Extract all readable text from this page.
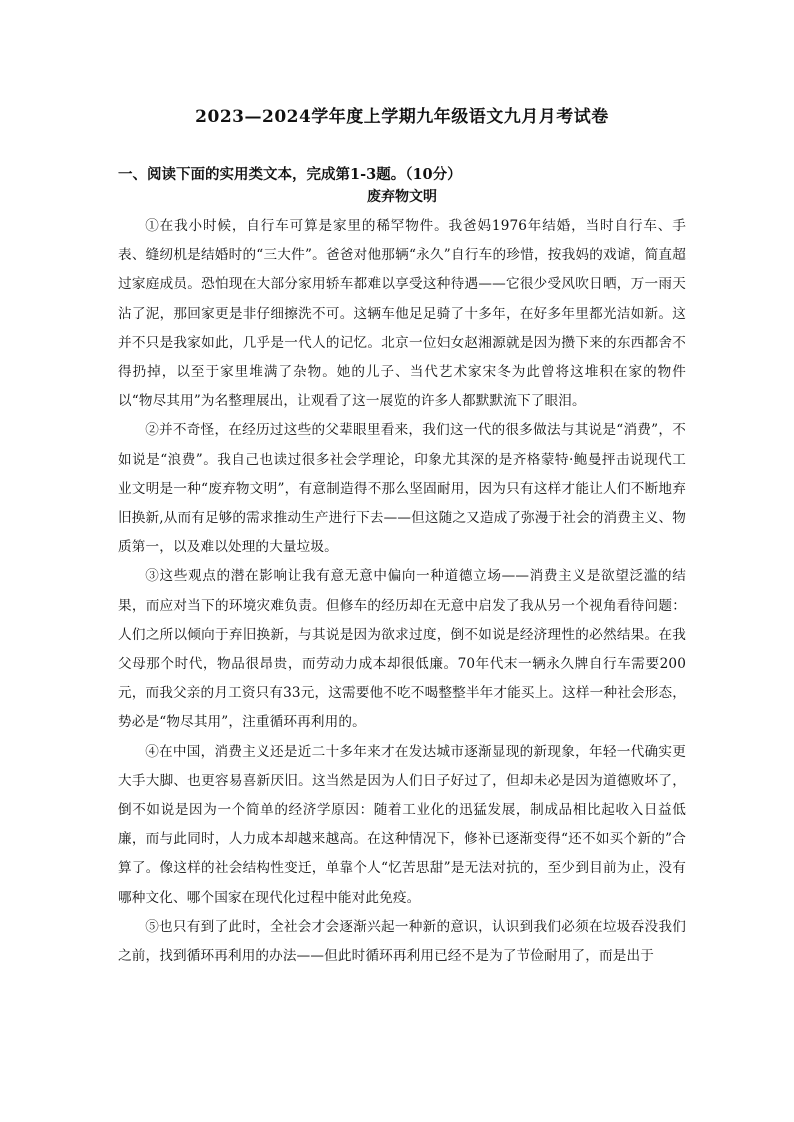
2023—2024学年度上学期九年级语文九月月考试卷

一、阅读下面的实用类文本，完成第1-3题。（10分）

废弃物文明

①在我小时候，自行车可算是家里的稀罕物件。我爸妈1976年结婚，当时自行车、手表、缝纫机是结婚时的“三大件”。爸爸对他那辆“永久”自行车的珍惜，按我妈的戏谑，简直超过家庭成员。恐怕现在大部分家用轿车都难以享受这种待遇——它很少受风吹日晒，万一雨天沾了泥，那回家更是非仔细擦洗不可。这辆车他足足骑了十多年，在好多年里都光洁如新。这并不只是我家如此，几乎是一代人的记忆。北京一位妇女赵湘源就是因为攒下来的东西都舍不得扔掉，以至于家里堆满了杂物。她的儿子、当代艺术家宋冬为此曾将这堆积在家的物件以“物尽其用”为名整理展出，让观看了这一展览的许多人都默默流下了眼泪。

②并不奇怪，在经历过这些的父辈眼里看来，我们这一代的很多做法与其说是“消费”，不如说是“浪费”。我自己也读过很多社会学理论，印象尤其深的是齐格蒙特·鲍曼抨击说现代工业文明是一种“废弃物文明”，有意制造得不那么坚固耐用，因为只有这样才能让人们不断地弃旧换新,从而有足够的需求推动生产进行下去——但这随之又造成了弥漫于社会的消费主义、物质第一，以及难以处理的大量垃圾。

③这些观点的潜在影响让我有意无意中偏向一种道德立场——消费主义是欲望泛滥的结果，而应对当下的环境灾难负责。但修车的经历却在无意中启发了我从另一个视角看待问题：人们之所以倾向于弃旧换新，与其说是因为欲求过度，倒不如说是经济理性的必然结果。在我父母那个时代，物品很昂贵，而劳动力成本却很低廉。70年代末一辆永久牌自行车需要200元，而我父亲的月工资只有33元，这需要他不吃不喝整整半年才能买上。这样一种社会形态，势必是“物尽其用”，注重循环再利用的。

④在中国，消费主义还是近二十多年来才在发达城市逐渐显现的新现象，年轻一代确实更大手大脚、也更容易喜新厌旧。这当然是因为人们日子好过了，但却未必是因为道德败坏了，倒不如说是因为一个简单的经济学原因：随着工业化的迅猛发展，制成品相比起收入日益低廉，而与此同时，人力成本却越来越高。在这种情况下，修补已逐渐变得“还不如买个新的”合算了。像这样的社会结构性变迁，单靠个人“忆苦思甜”是无法对抗的，至少到目前为止，没有哪种文化、哪个国家在现代化过程中能对此免疫。

⑤也只有到了此时，全社会才会逐渐兴起一种新的意识，认识到我们必须在垃圾吞没我们之前，找到循环再利用的办法——但此时循环再利用已经不是为了节俭耐用了，而是出于
